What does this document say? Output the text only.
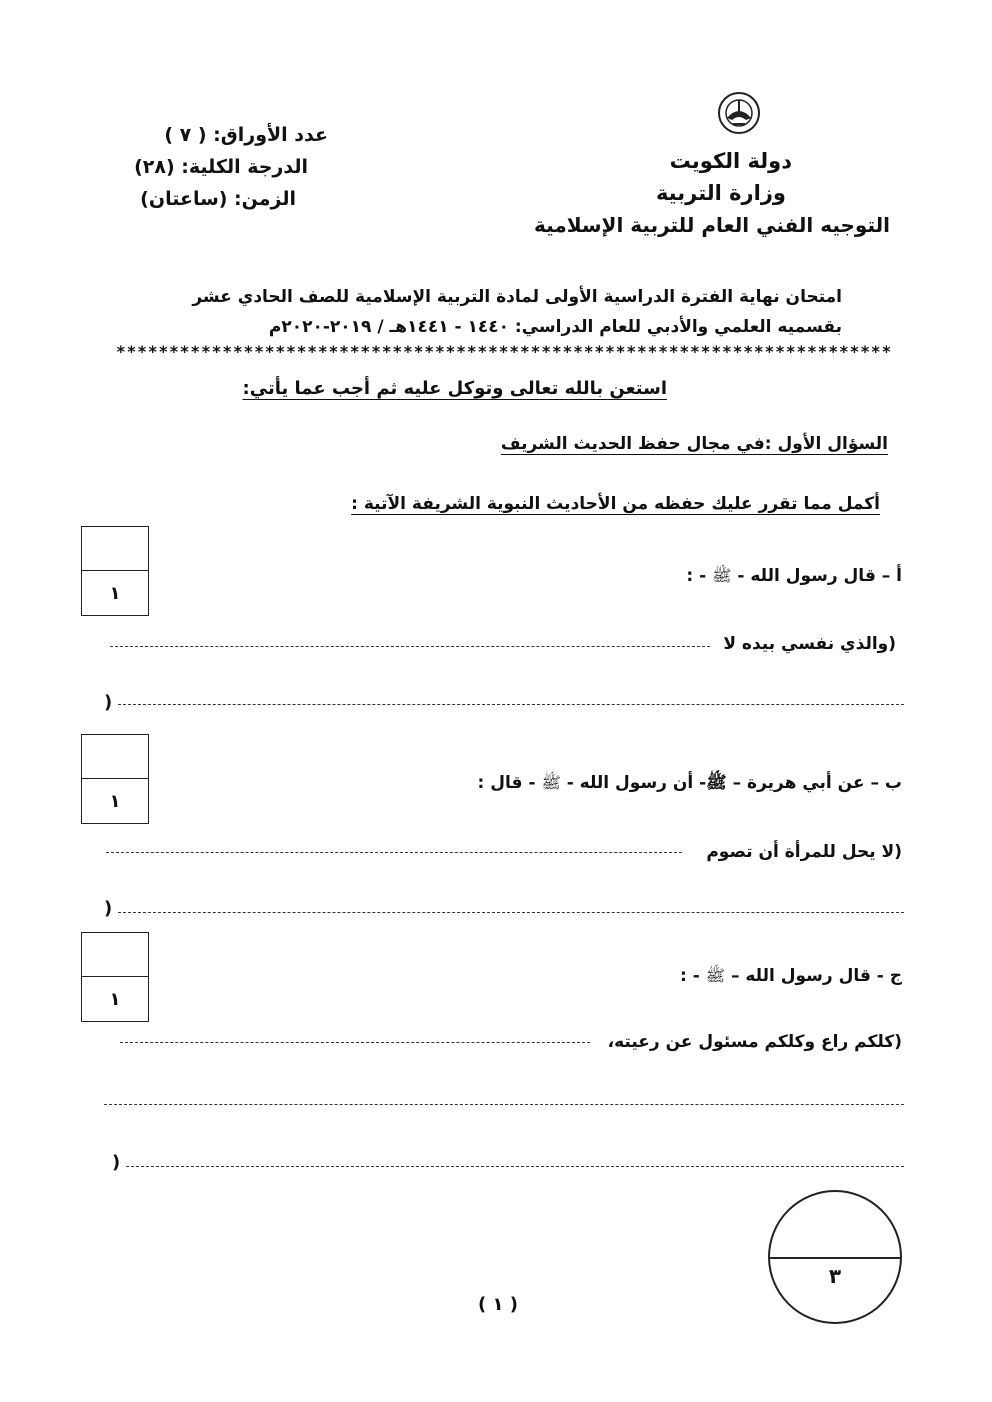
دولة الكويت
وزارة التربية
التوجيه الفني العام للتربية الإسلامية
عدد الأوراق: ( ٧ )
الدرجة الكلية: (٢٨)
الزمن: (ساعتان)
امتحان نهاية الفترة الدراسية الأولى لمادة التربية الإسلامية للصف الحادي عشر
بقسميه العلمي والأدبي للعام الدراسي: ١٤٤٠ - ١٤٤١هـ / ٢٠١٩-٢٠٢٠م
*************************************************************************
استعن بالله تعالى وتوكل عليه ثم أجب عما يأتي:
السؤال الأول :في مجال حفظ الحديث الشريف
أكمل مما تقرر عليك حفظه من الأحاديث النبوية الشريفة الآتية :
١
أ – قال رسول الله - ﷺ - :
(والذي نفسي بيده لا
)
١
ب – عن أبي هريرة – ﷺ- أن رسول الله - ﷺ - قال :
(لا يحل للمرأة أن تصوم
)
١
ج - قال رسول الله – ﷺ - :
(كلكم راع وكلكم مسئول عن رعيته،
)
٣
( ١ )
